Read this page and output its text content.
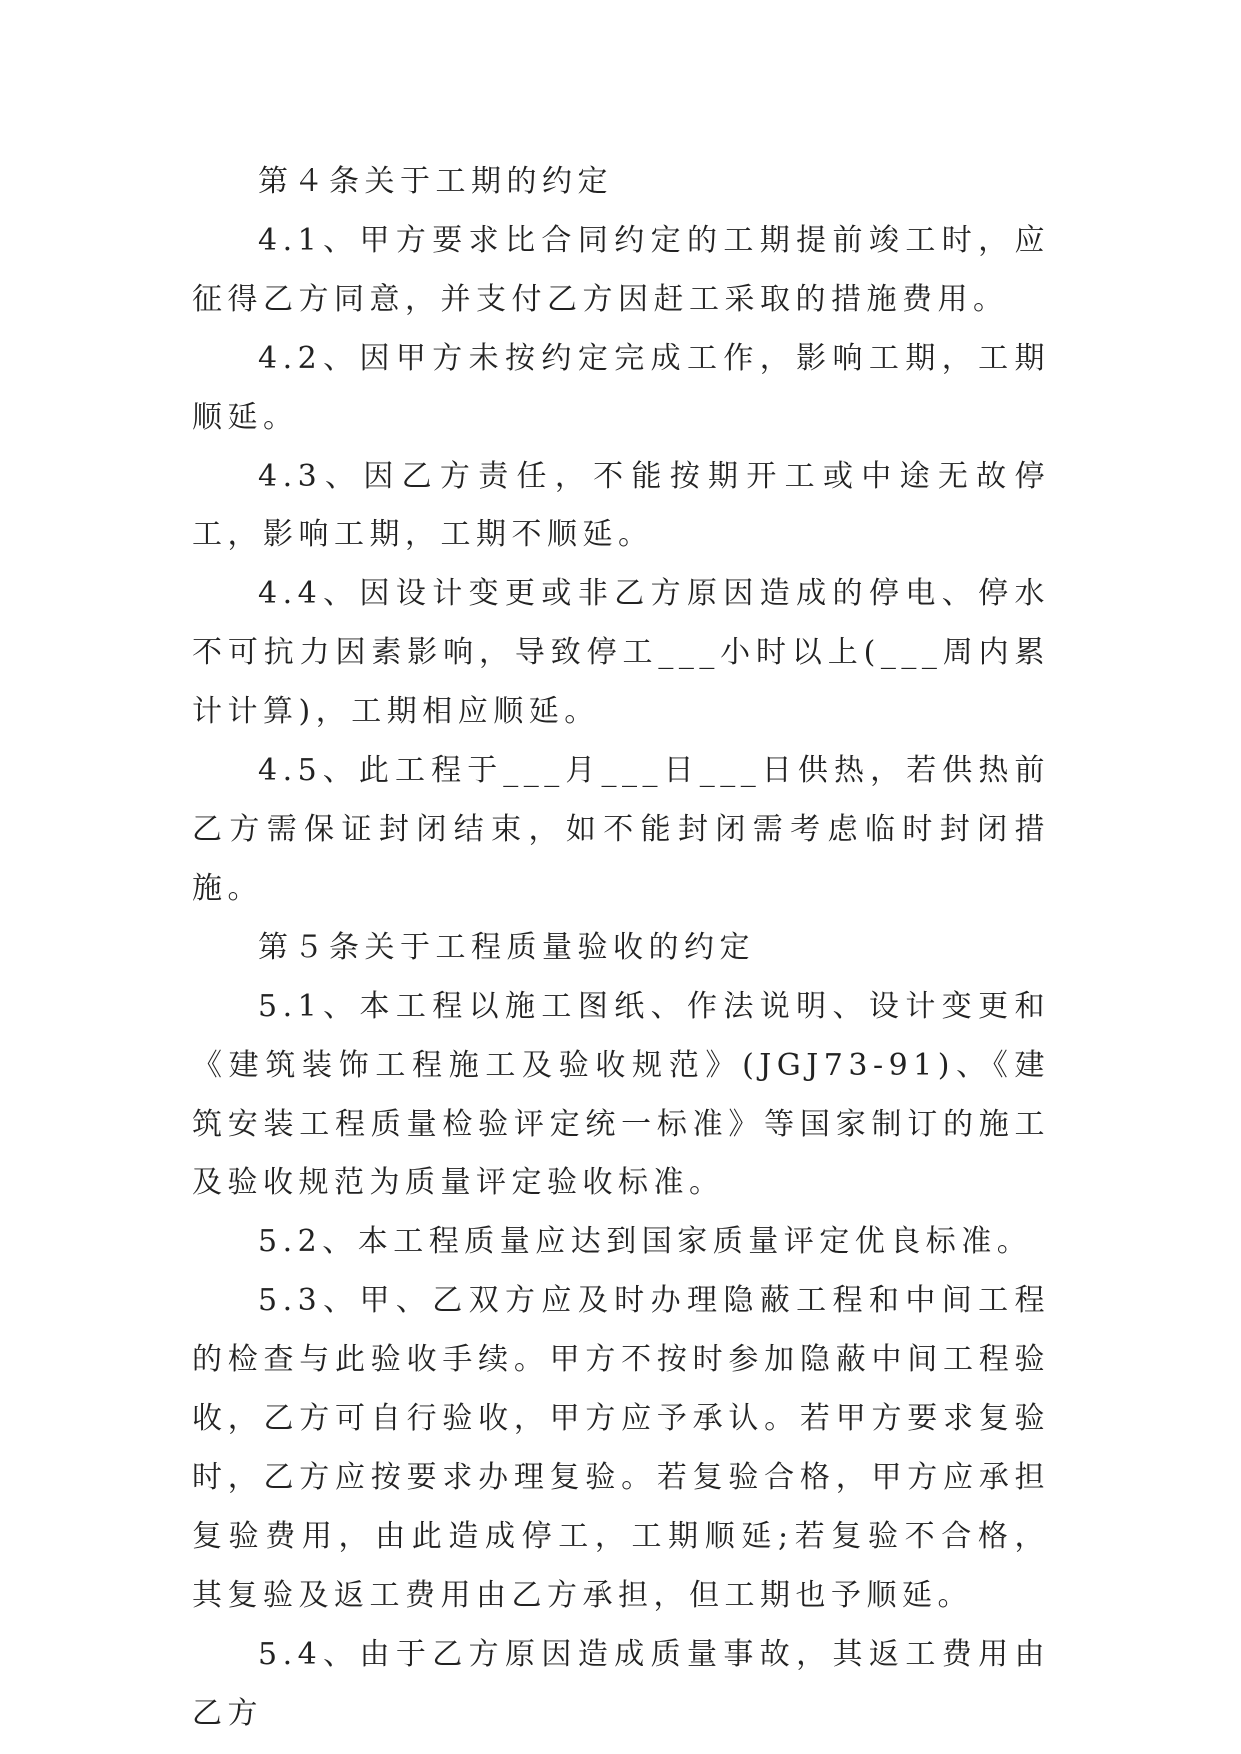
第４条关于工期的约定

4.1、甲方要求比合同约定的工期提前竣工时，应征得乙方同意，并支付乙方因赶工采取的措施费用。

4.2、因甲方未按约定完成工作，影响工期，工期顺延。

4.3、因乙方责任，不能按期开工或中途无故停工，影响工期，工期不顺延。

4.4、因设计变更或非乙方原因造成的停电、停水不可抗力因素影响，导致停工___小时以上(___周内累计计算)，工期相应顺延。

4.5、此工程于___月___日___日供热，若供热前乙方需保证封闭结束，如不能封闭需考虑临时封闭措施。

第５条关于工程质量验收的约定

5.1、本工程以施工图纸、作法说明、设计变更和《建筑装饰工程施工及验收规范》(JGJ73-91)、《建筑安装工程质量检验评定统一标准》等国家制订的施工及验收规范为质量评定验收标准。

5.2、本工程质量应达到国家质量评定优良标准。

5.3、甲、乙双方应及时办理隐蔽工程和中间工程的检查与此验收手续。甲方不按时参加隐蔽中间工程验收，乙方可自行验收，甲方应予承认。若甲方要求复验时，乙方应按要求办理复验。若复验合格，甲方应承担复验费用，由此造成停工，工期顺延;若复验不合格，其复验及返工费用由乙方承担，但工期也予顺延。

5.4、由于乙方原因造成质量事故，其返工费用由乙方
